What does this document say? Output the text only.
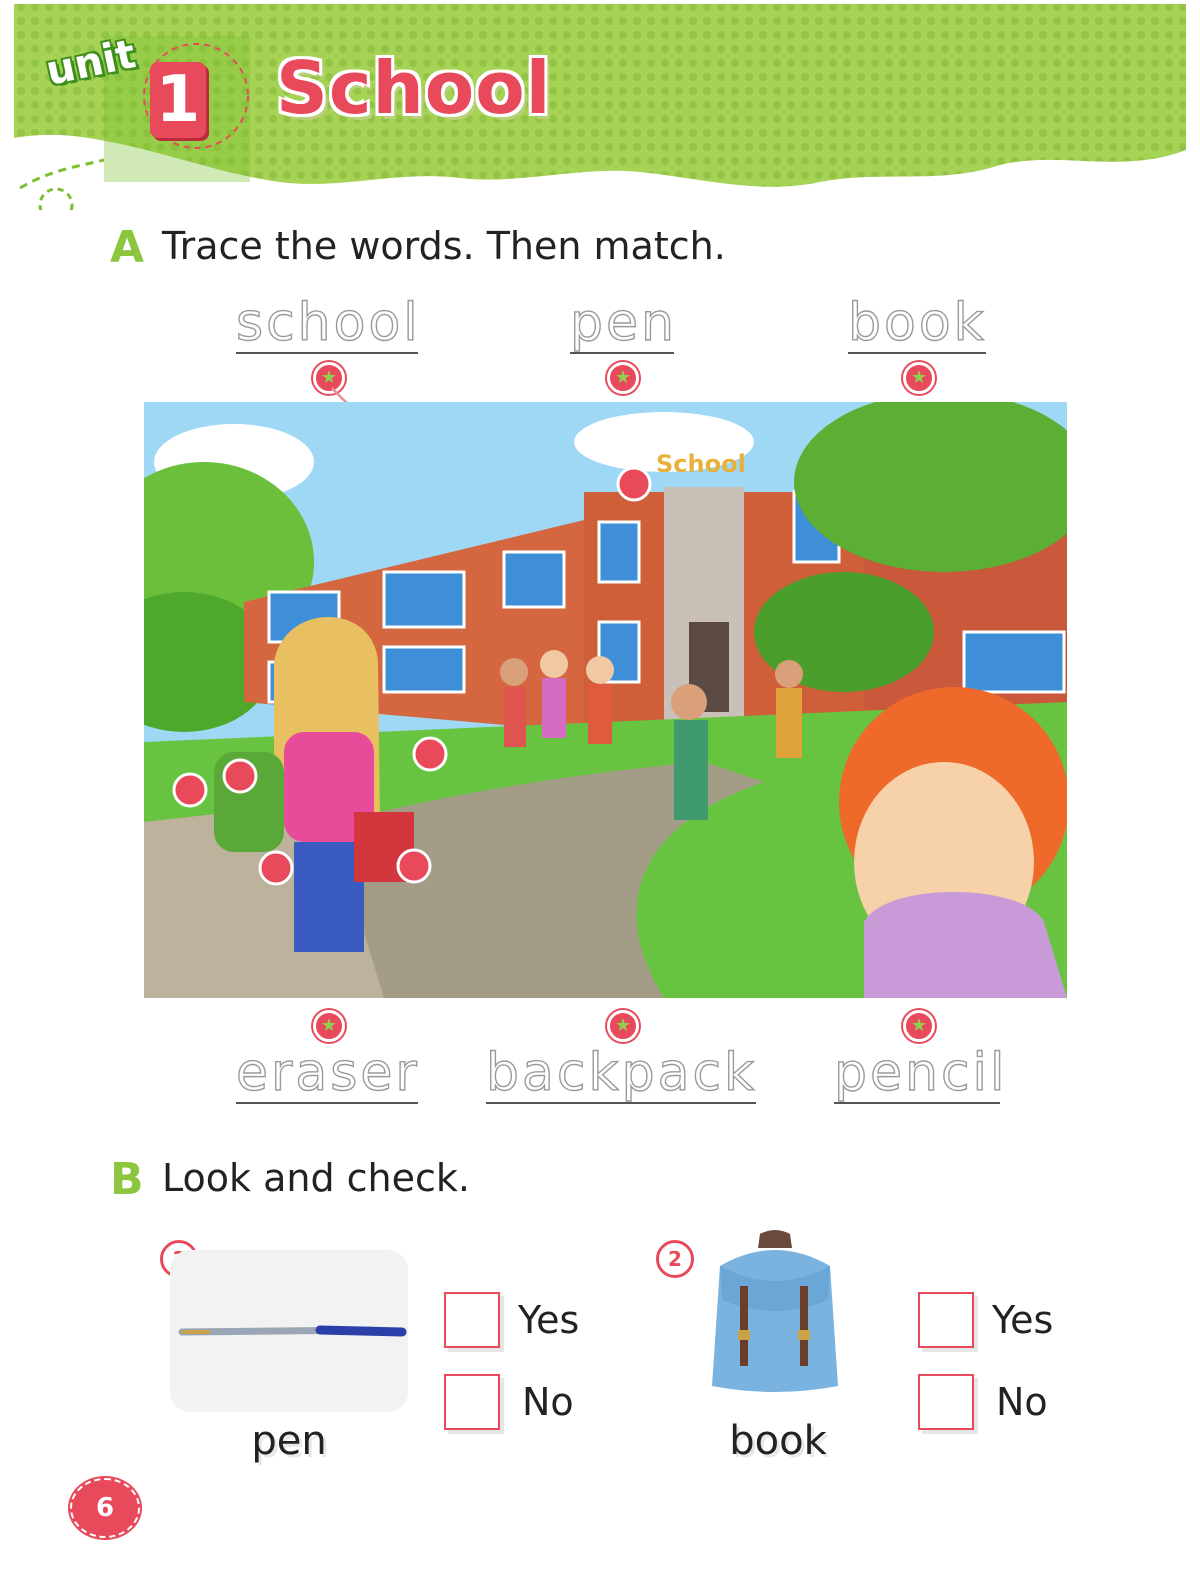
unit 1 School
A Trace the words. Then match.
school	pen	book
★	★	★
School
★	★	★
eraser backpack pencil
B Look and check.
pen
Yes
No
2
book
Yes
No
6
